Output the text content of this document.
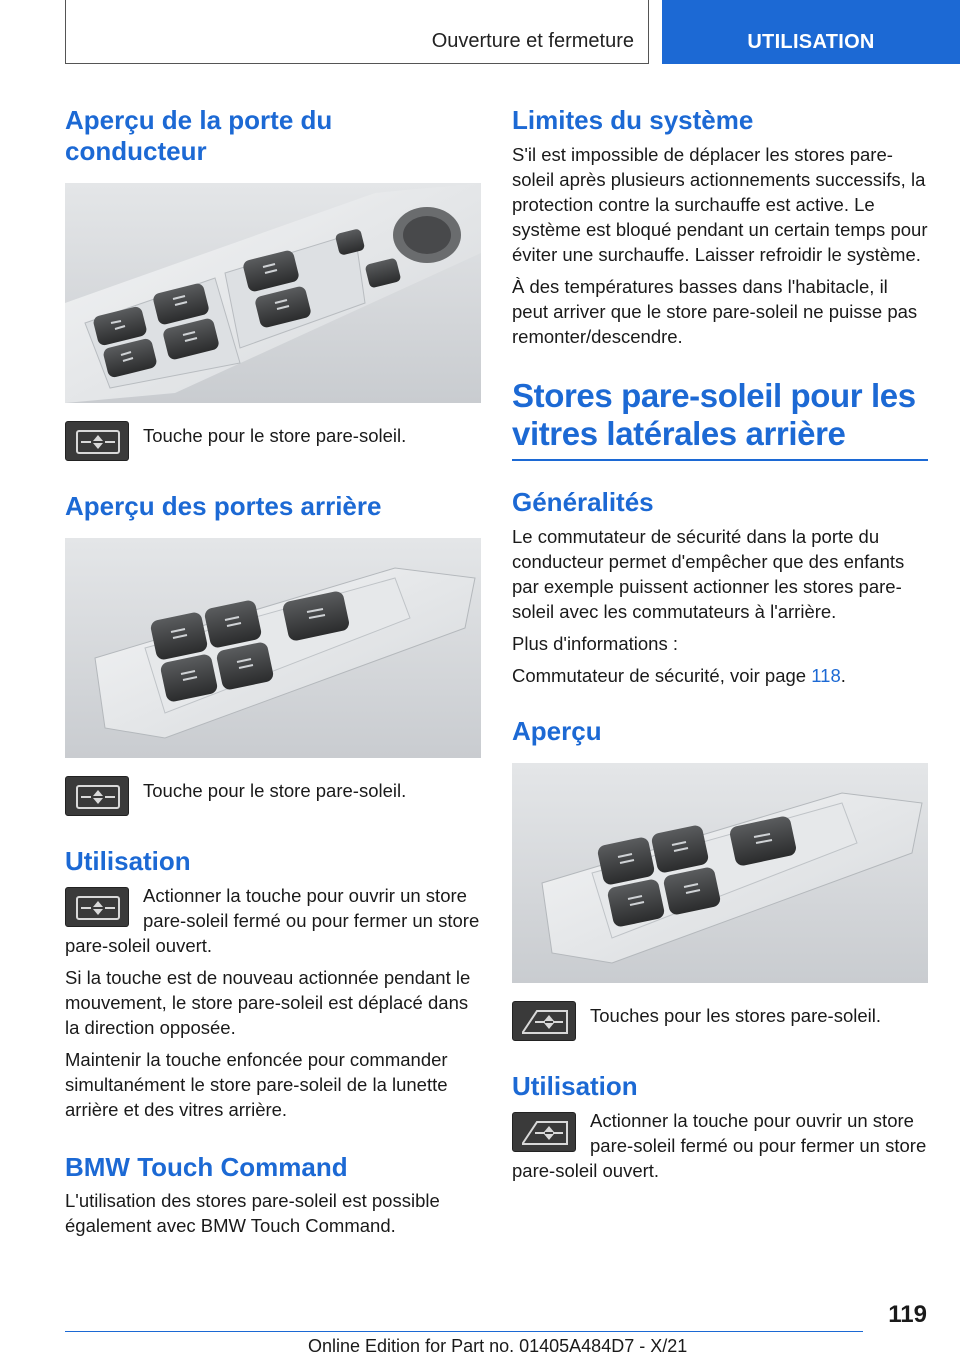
Ouverture et fermeture	UTILISATION
Aperçu de la porte du conducteur
Touche pour le store pare-soleil.
Aperçu des portes arrière
Touche pour le store pare-soleil.
Utilisation

Actionner la touche pour ouvrir un store pare-soleil fermé ou pour fermer un store pare-soleil ouvert.

Si la touche est de nouveau actionnée pendant le mouvement, le store pare-soleil est déplacé dans la direction opposée.

Maintenir la touche enfoncée pour commander simultanément le store pare-soleil de la lunette arrière et des vitres arrière.

BMW Touch Command

L'utilisation des stores pare-soleil est possible également avec BMW Touch Command.

Limites du système

S'il est impossible de déplacer les stores pare-soleil après plusieurs actionnements successifs, la protection contre la surchauffe est active. Le système est bloqué pendant un certain temps pour éviter une surchauffe. Laisser refroidir le système.

À des températures basses dans l'habitacle, il peut arriver que le store pare-soleil ne puisse pas remonter/descendre.

Stores pare-soleil pour les vitres latérales arrière
Généralités

Le commutateur de sécurité dans la porte du conducteur permet d'empêcher que des enfants par exemple puissent actionner les stores pare-soleil avec les commutateurs à l'arrière.

Plus d'informations :

Commutateur de sécurité, voir page 118.

Aperçu
Touches pour les stores pare-soleil.
Utilisation

Actionner la touche pour ouvrir un store pare-soleil fermé ou pour fermer un store pare-soleil ouvert.

119
Online Edition for Part no. 01405A484D7 - X/21
